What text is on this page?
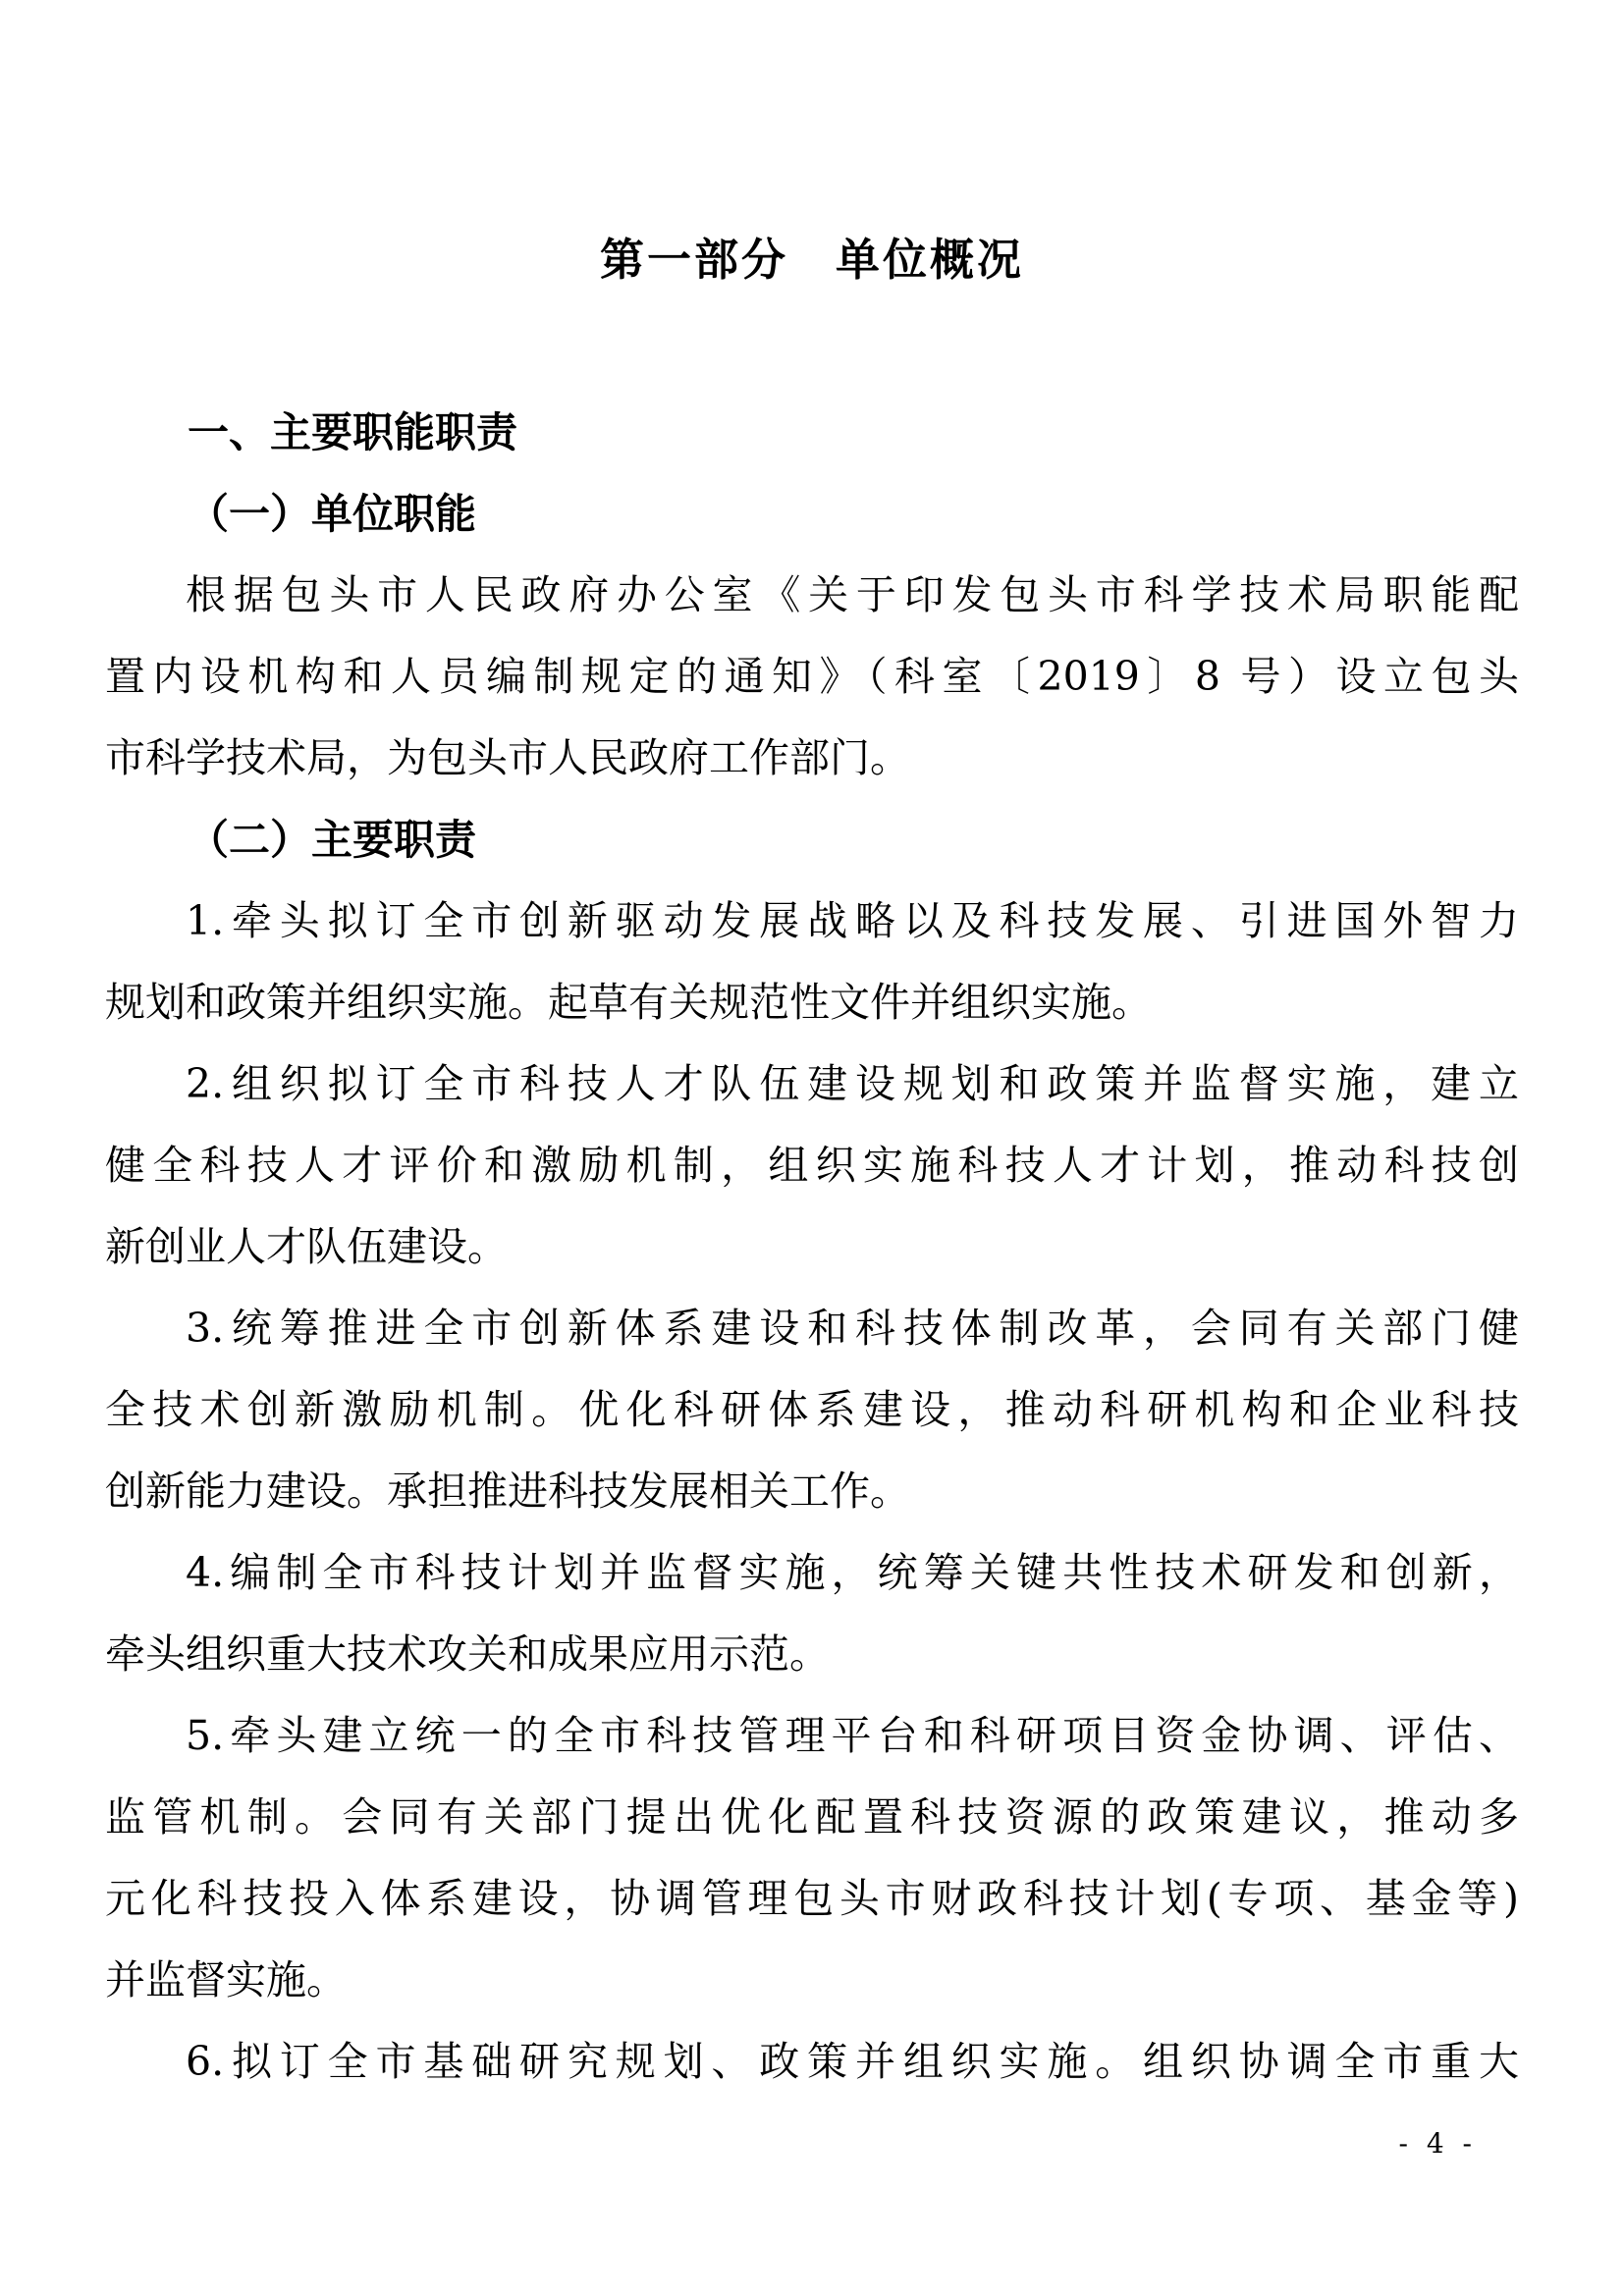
第一部分　单位概况
一、主要职能职责
（一）单位职能
根据包头市人民政府办公室《关于印发包头市科学技术局职能配
置内设机构和人员编制规定的通知》（科室〔2019〕8 号）设立包头
市科学技术局，为包头市人民政府工作部门。
（二）主要职责
1.牵头拟订全市创新驱动发展战略以及科技发展、引进国外智力
规划和政策并组织实施。起草有关规范性文件并组织实施。
2.组织拟订全市科技人才队伍建设规划和政策并监督实施，建立
健全科技人才评价和激励机制，组织实施科技人才计划，推动科技创
新创业人才队伍建设。
3.统筹推进全市创新体系建设和科技体制改革，会同有关部门健
全技术创新激励机制。优化科研体系建设，推动科研机构和企业科技
创新能力建设。承担推进科技发展相关工作。
4.编制全市科技计划并监督实施，统筹关键共性技术研发和创新，
牵头组织重大技术攻关和成果应用示范。
5.牵头建立统一的全市科技管理平台和科研项目资金协调、评估、
监管机制。会同有关部门提出优化配置科技资源的政策建议，推动多
元化科技投入体系建设，协调管理包头市财政科技计划(专项、基金等)
并监督实施。
6.拟订全市基础研究规划、政策并组织实施。组织协调全市重大
- 4 -
